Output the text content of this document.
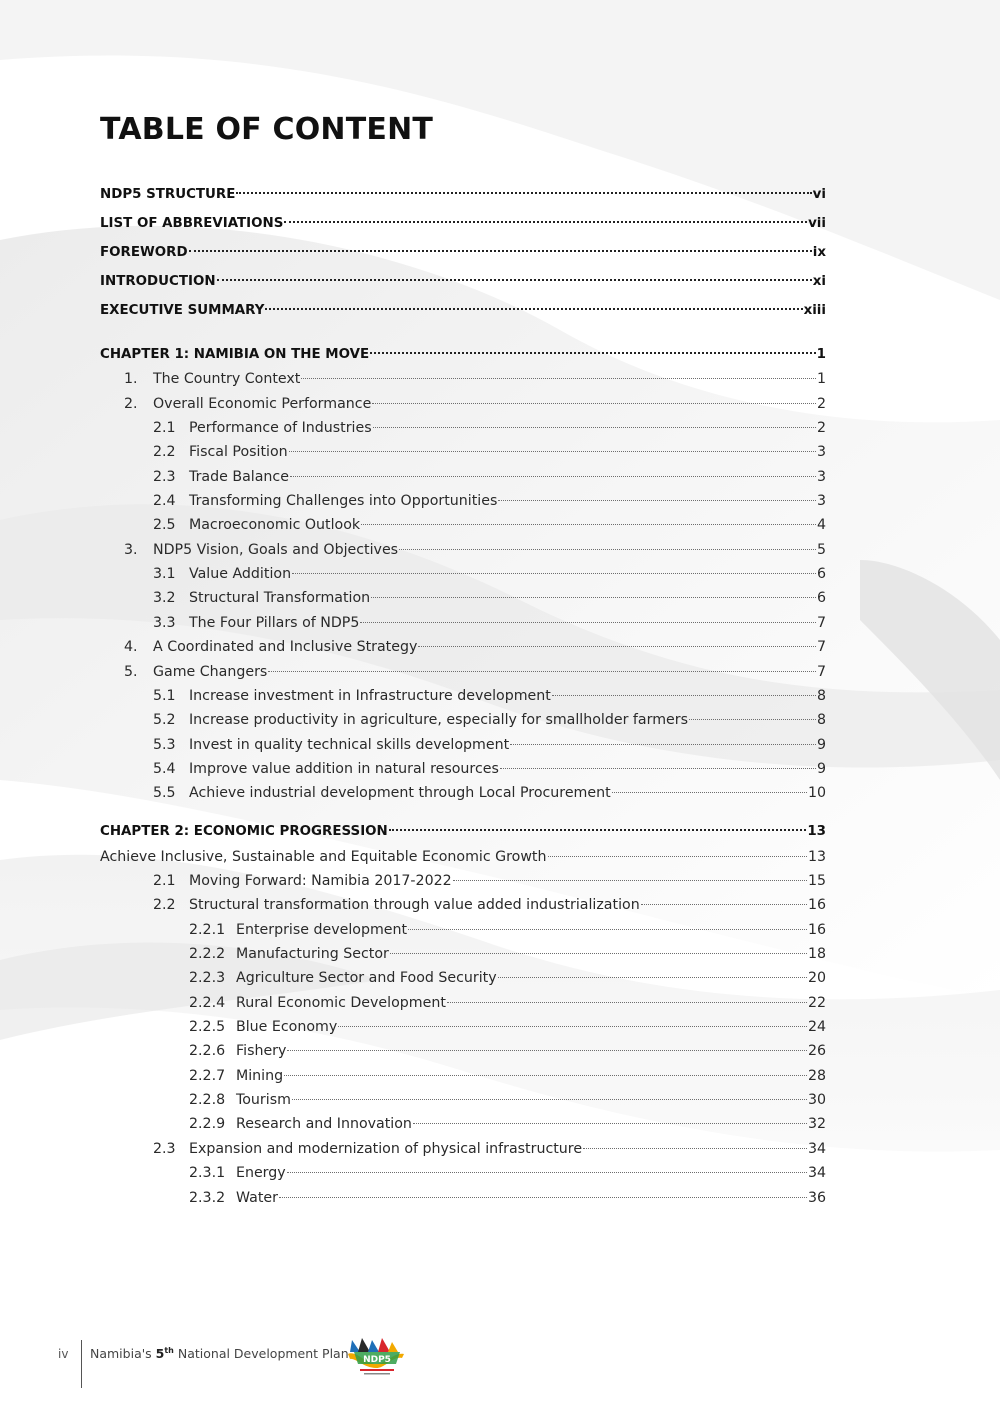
TABLE OF CONTENT
NDP5 STRUCTURE	vi
LIST OF ABBREVIATIONS	vii
FOREWORD	ix
INTRODUCTION	xi
EXECUTIVE SUMMARY	xiii
CHAPTER 1: NAMIBIA ON THE MOVE	1
1. The Country Context	1
2. Overall Economic Performance	2
2.1 Performance of Industries	2
2.2 Fiscal Position	3
2.3 Trade Balance	3
2.4 Transforming Challenges into Opportunities	3
2.5 Macroeconomic Outlook	4
3. NDP5 Vision, Goals and Objectives	5
3.1 Value Addition	6
3.2 Structural Transformation	6
3.3 The Four Pillars of NDP5	7
4. A Coordinated and Inclusive Strategy	7
5. Game Changers	7
5.1 Increase investment in Infrastructure development	8
5.2 Increase productivity in agriculture, especially for smallholder farmers	8
5.3 Invest in quality technical skills development	9
5.4 Improve value addition in natural resources	9
5.5 Achieve industrial development through Local Procurement	10
CHAPTER 2: ECONOMIC PROGRESSION	13
Achieve Inclusive, Sustainable and Equitable Economic Growth	13
2.1 Moving Forward: Namibia 2017-2022	15
2.2 Structural transformation through value added industrialization	16
2.2.1 Enterprise development	16
2.2.2 Manufacturing Sector	18
2.2.3 Agriculture Sector and Food Security	20
2.2.4 Rural Economic Development	22
2.2.5 Blue Economy	24
2.2.6 Fishery	26
2.2.7 Mining	28
2.2.8 Tourism	30
2.2.9 Research and Innovation	32
2.3 Expansion and modernization of physical infrastructure	34
2.3.1 Energy	34
2.3.2 Water	36
iv Namibia's 5th National Development Plan NDP5
